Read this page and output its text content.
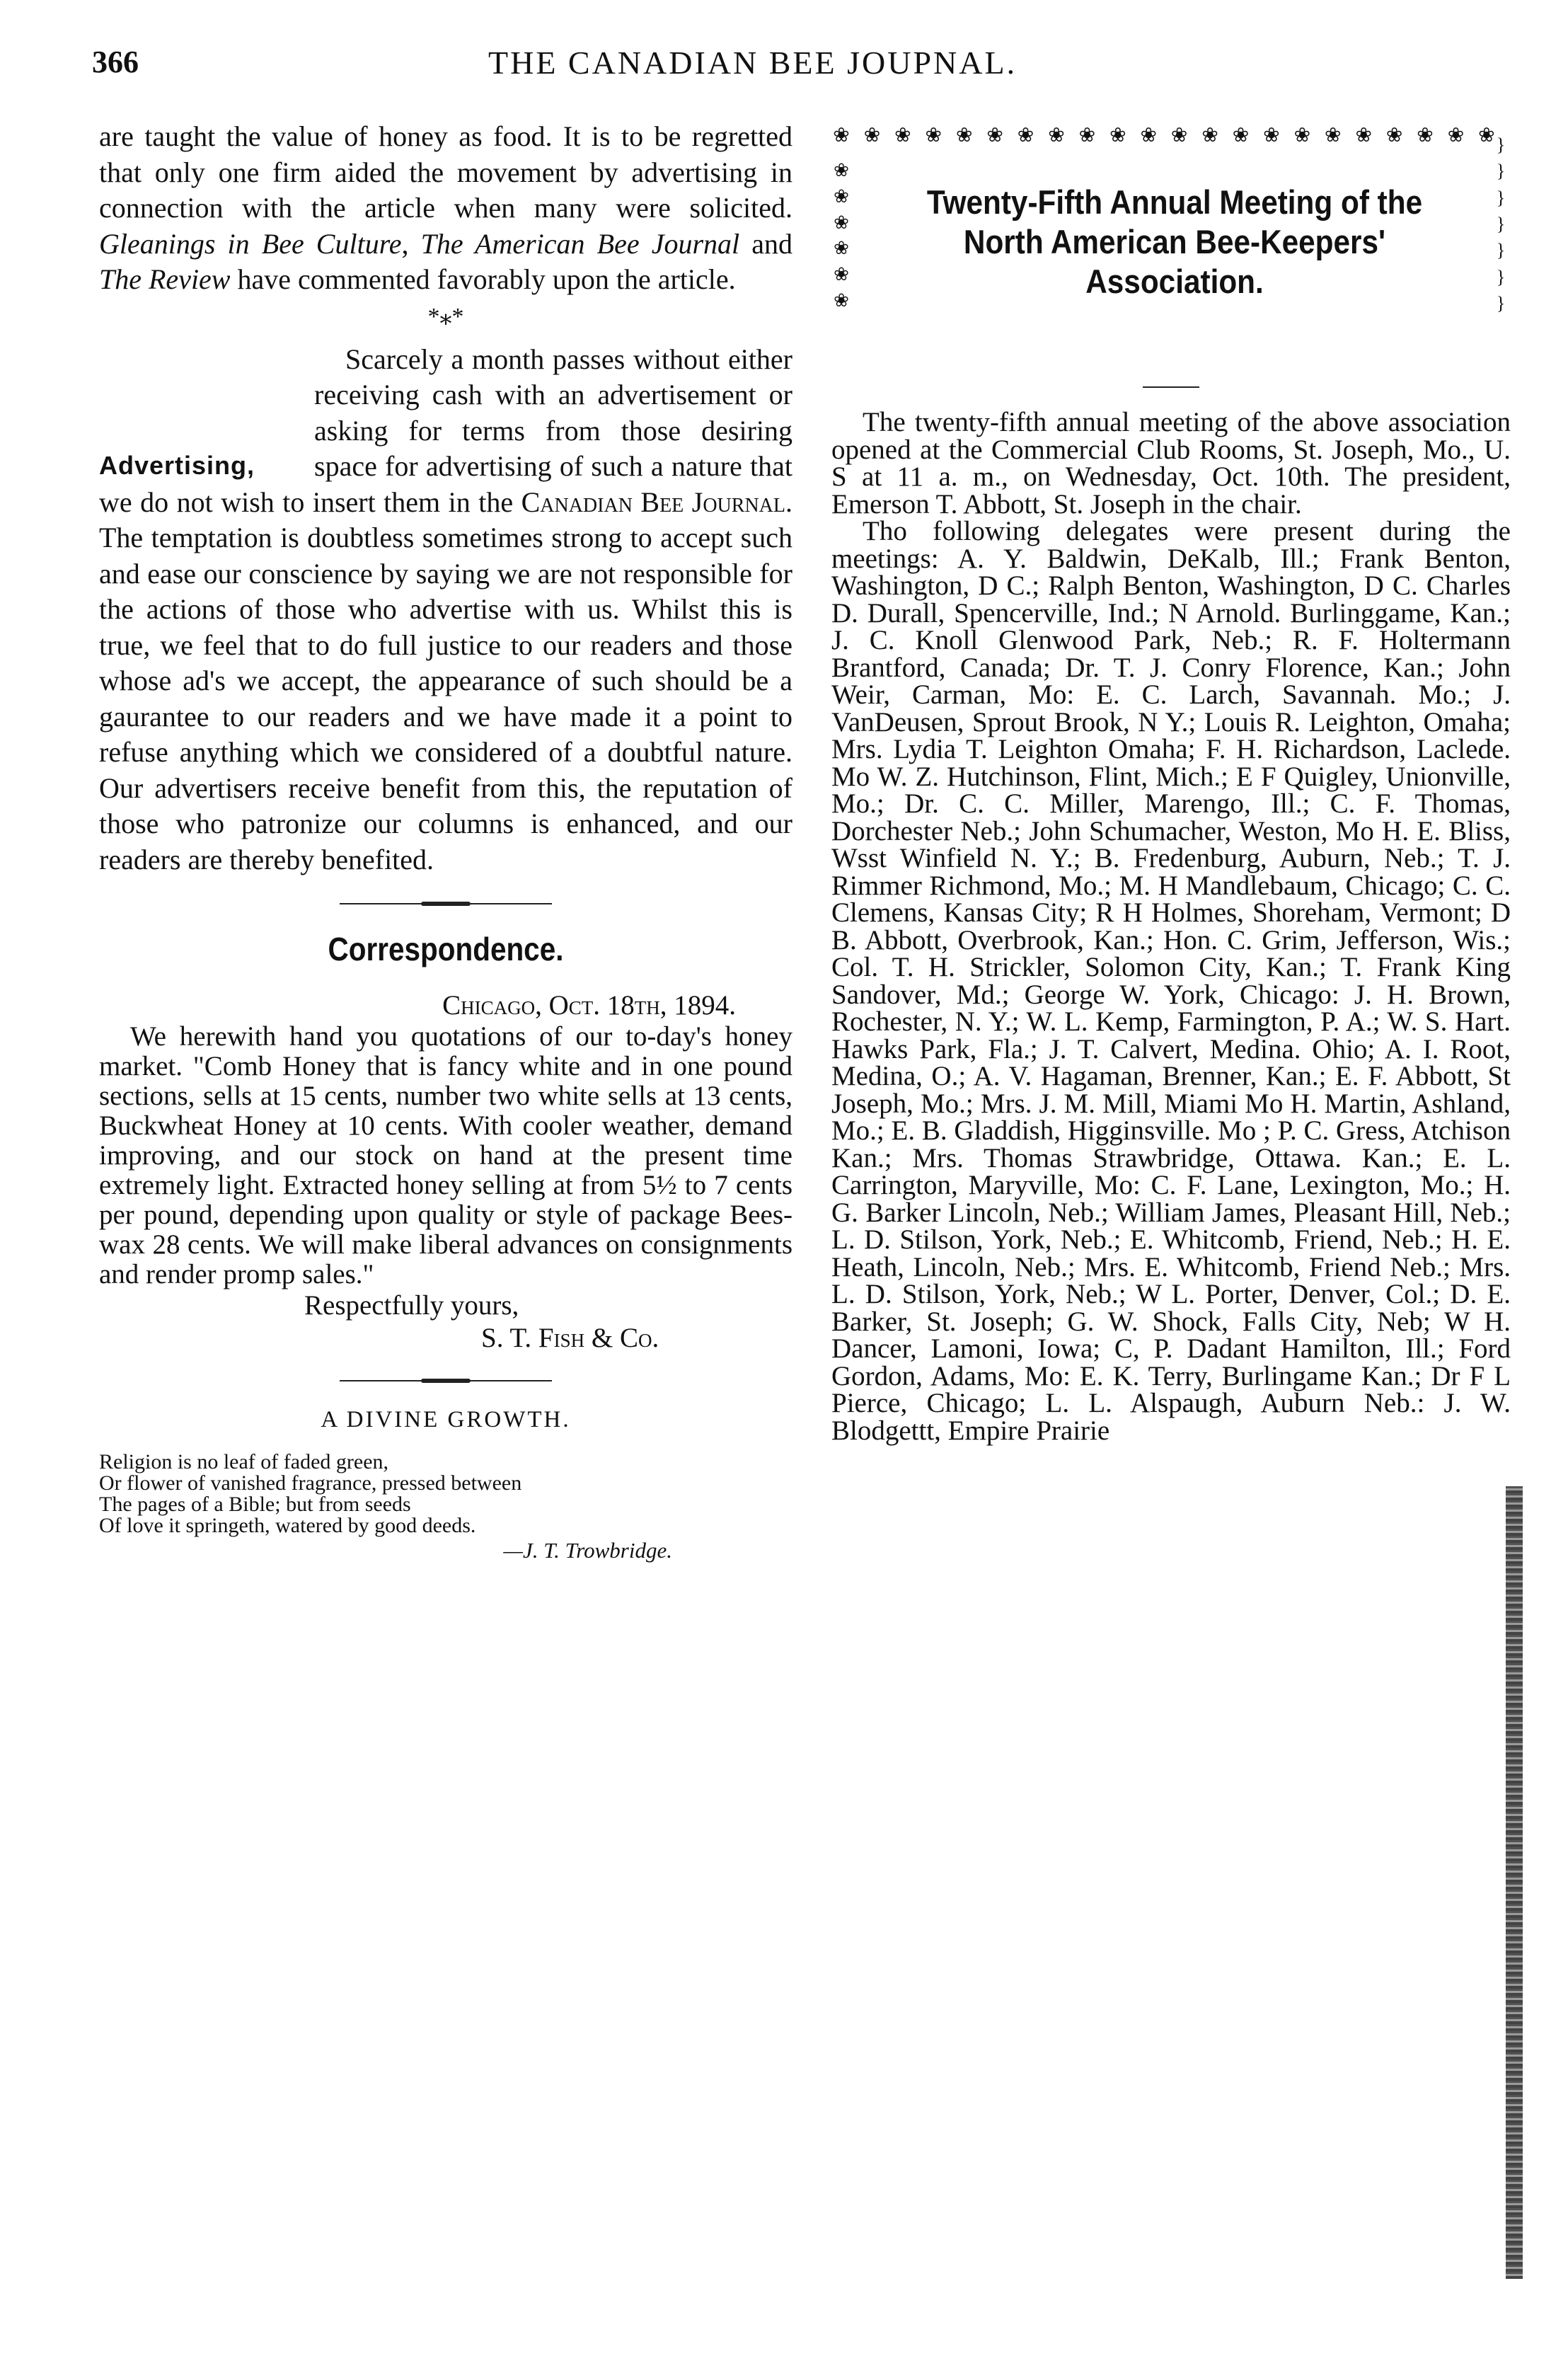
366	THE CANADIAN BEE JOUPNAL.

are taught the value of honey as food. It is to be regretted that only one firm aided the movement by advertising in connection with the article when many were solicited. Gleanings in Bee Culture, The American Bee Journal and The Review have commented favorably upon the article.

*⁎*
Advertising,

Scarcely a month passes without either receiving cash with an advertisement or asking for terms from those desiring space for advertising of such a nature that we do not wish to insert them in the Canadian Bee Journal. The temptation is doubtless sometimes strong to accept such and ease our conscience by saying we are not responsible for the actions of those who advertise with us. Whilst this is true, we feel that to do full justice to our readers and those whose ad's we accept, the appearance of such should be a gaurantee to our readers and we have made it a point to refuse anything which we considered of a doubtful nature. Our advertisers receive benefit from this, the reputation of those who patronize our columns is enhanced, and our readers are thereby benefited.

Correspondence.
Chicago, Oct. 18th, 1894.

We herewith hand you quotations of our to-day's honey market. "Comb Honey that is fancy white and in one pound sections, sells at 15 cents, number two white sells at 13 cents, Buckwheat Honey at 10 cents. With cooler weather, demand improving, and our stock on hand at the present time extremely light. Extracted honey selling at from 5½ to 7 cents per pound, depending upon quality or style of package Bees-wax 28 cents. We will make liberal advances on consignments and render promp sales."

Respectfully yours,
S. T. Fish & Co.
A DIVINE GROWTH.
Religion is no leaf of faded green,
Or flower of vanished fragrance, pressed between
The pages of a Bible; but from seeds
Of love it springeth, watered by good deeds.
—J. T. Trowbridge.
❀ ❀ ❀ ❀ ❀ ❀ ❀ ❀ ❀ ❀ ❀ ❀ ❀ ❀ ❀ ❀ ❀ ❀ ❀ ❀ ❀ ❀
❀
❀
❀
❀
❀
❀
}
}
}
}
}
}
}
Twenty-Fifth Annual Meeting of the North American Bee-Keepers' Association.

The twenty-fifth annual meeting of the above association opened at the Commercial Club Rooms, St. Joseph, Mo., U. S at 11 a. m., on Wednesday, Oct. 10th. The president, Emerson T. Abbott, St. Joseph in the chair.

Tho following delegates were present during the meetings: A. Y. Baldwin, DeKalb, Ill.; Frank Benton, Washington, D C.; Ralph Benton, Washington, D C. Charles D. Durall, Spencerville, Ind.; N Arnold. Burlinggame, Kan.; J. C. Knoll Glenwood Park, Neb.; R. F. Holtermann Brantford, Canada; Dr. T. J. Conry Florence, Kan.; John Weir, Carman, Mo: E. C. Larch, Savannah. Mo.; J. VanDeusen, Sprout Brook, N Y.; Louis R. Leighton, Omaha; Mrs. Lydia T. Leighton Omaha; F. H. Richardson, Laclede. Mo W. Z. Hutchinson, Flint, Mich.; E F Quigley, Unionville, Mo.; Dr. C. C. Miller, Marengo, Ill.; C. F. Thomas, Dorchester Neb.; John Schumacher, Weston, Mo H. E. Bliss, Wsst Winfield N. Y.; B. Fredenburg, Auburn, Neb.; T. J. Rimmer Richmond, Mo.; M. H Mandlebaum, Chicago; C. C. Clemens, Kansas City; R H Holmes, Shoreham, Vermont; D B. Abbott, Overbrook, Kan.; Hon. C. Grim, Jefferson, Wis.; Col. T. H. Strickler, Solomon City, Kan.; T. Frank King Sandover, Md.; George W. York, Chicago: J. H. Brown, Rochester, N. Y.; W. L. Kemp, Farmington, P. A.; W. S. Hart. Hawks Park, Fla.; J. T. Calvert, Medina. Ohio; A. I. Root, Medina, O.; A. V. Hagaman, Brenner, Kan.; E. F. Abbott, St Joseph, Mo.; Mrs. J. M. Mill, Miami Mo H. Martin, Ashland, Mo.; E. B. Gladdish, Higginsville. Mo ; P. C. Gress, Atchison Kan.; Mrs. Thomas Strawbridge, Ottawa. Kan.; E. L. Carrington, Maryville, Mo: C. F. Lane, Lexington, Mo.; H. G. Barker Lincoln, Neb.; William James, Pleasant Hill, Neb.; L. D. Stilson, York, Neb.; E. Whitcomb, Friend, Neb.; H. E. Heath, Lincoln, Neb.; Mrs. E. Whitcomb, Friend Neb.; Mrs. L. D. Stilson, York, Neb.; W L. Porter, Denver, Col.; D. E. Barker, St. Joseph; G. W. Shock, Falls City, Neb; W H. Dancer, Lamoni, Iowa; C, P. Dadant Hamilton, Ill.; Ford Gordon, Adams, Mo: E. K. Terry, Burlingame Kan.; Dr F L Pierce, Chicago; L. L. Alspaugh, Auburn Neb.: J. W. Blodgettt, Empire Prairie
